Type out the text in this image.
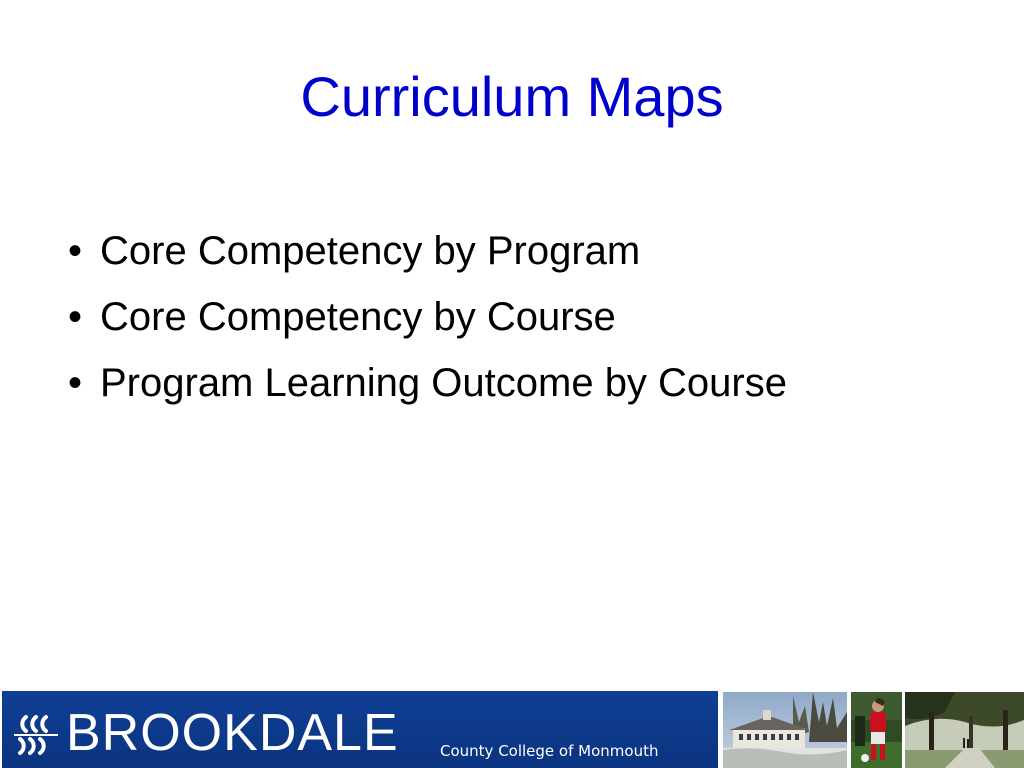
Curriculum Maps
• Core Competency by Program
• Core Competency by Course
• Program Learning Outcome by Course
BROOKDALE	County College of Monmouth
